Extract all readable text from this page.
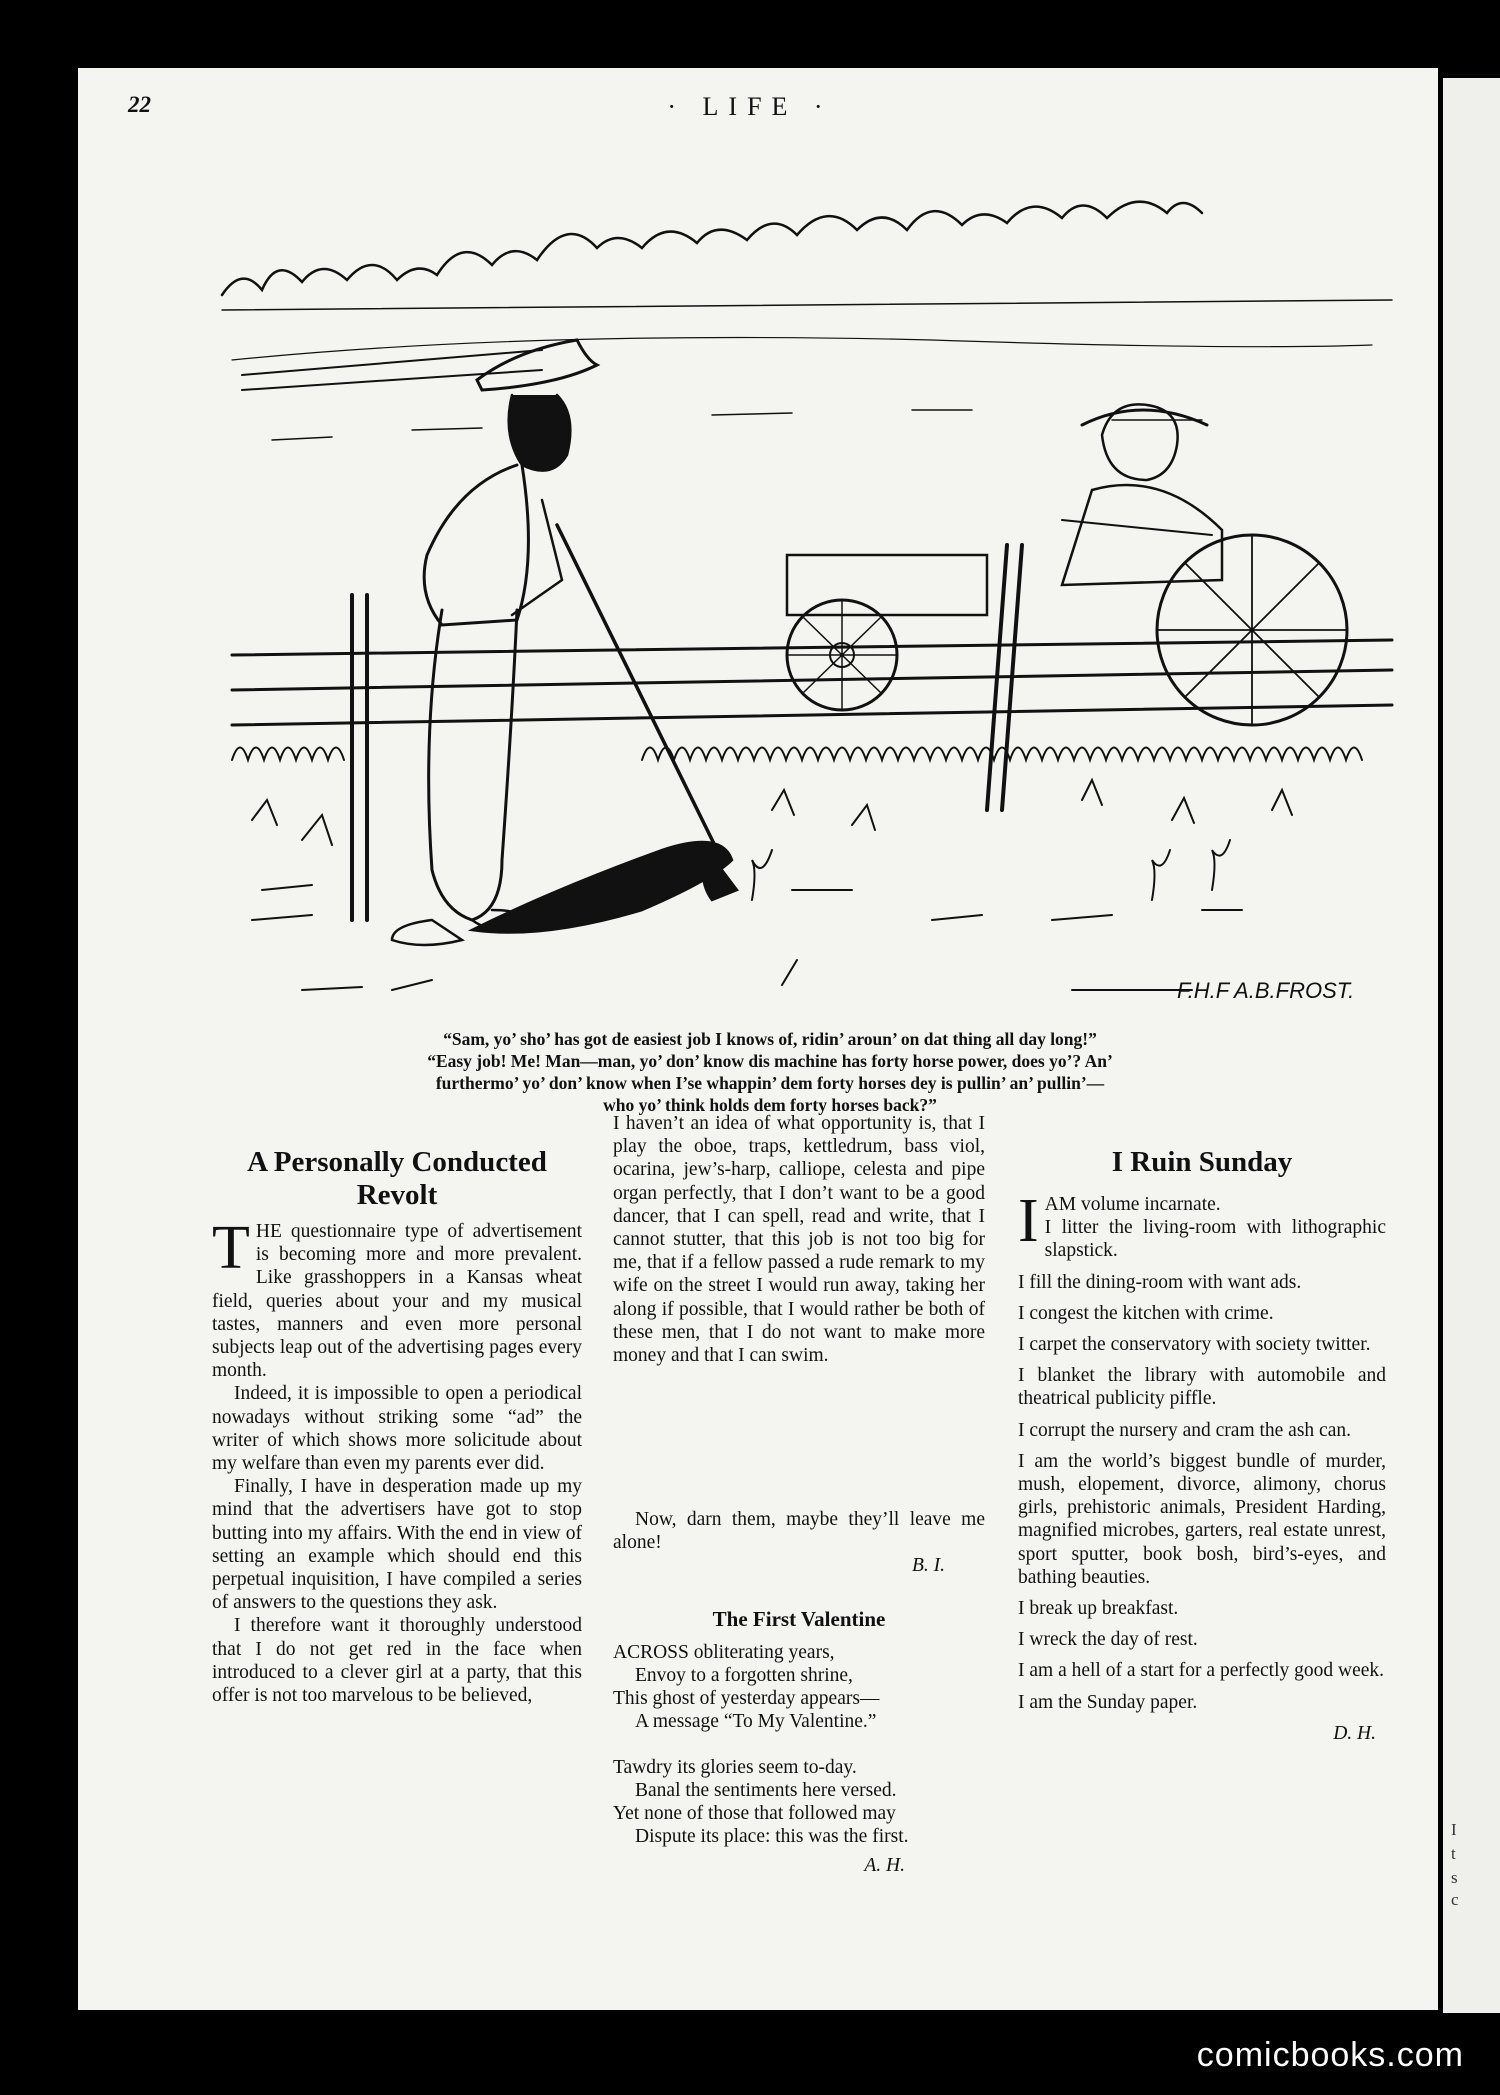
I
t
s
c
22	· LIFE ·
F.H.F A.B.FROST.
“Sam, yo’ sho’ has got de easiest job I knows of, ridin’ aroun’ on dat thing all day long!”
“Easy job! Me! Man—man, yo’ don’ know dis machine has forty horse power, does yo’? An’
furthermo’ yo’ don’ know when I’se whappin’ dem forty horses dey is pullin’ an’ pullin’—
who yo’ think holds dem forty horses back?”
A Personally Conducted Revolt

THE questionnaire type of advertisement is becoming more and more prevalent. Like grasshoppers in a Kansas wheat field, queries about your and my musical tastes, manners and even more personal subjects leap out of the advertising pages every month.

Indeed, it is impossible to open a periodical nowadays without striking some “ad” the writer of which shows more solicitude about my welfare than even my parents ever did.

Finally, I have in desperation made up my mind that the advertisers have got to stop butting into my affairs. With the end in view of setting an example which should end this perpetual inquisition, I have compiled a series of answers to the questions they ask.

I therefore want it thoroughly understood that I do not get red in the face when introduced to a clever girl at a party, that this offer is not too marvelous to be believed,

I haven’t an idea of what opportunity is, that I play the oboe, traps, kettledrum, bass viol, ocarina, jew’s-harp, calliope, celesta and pipe organ perfectly, that I don’t want to be a good dancer, that I can spell, read and write, that I cannot stutter, that this job is not too big for me, that if a fellow passed a rude remark to my wife on the street I would run away, taking her along if possible, that I would rather be both of these men, that I do not want to make more money and that I can swim.

Now, darn them, maybe they’ll leave me alone!

B. I.

The First Valentine
ACROSS obliterating years,
Envoy to a forgotten shrine,
This ghost of yesterday appears—
A message “To My Valentine.”
Tawdry its glories seem to-day.
Banal the sentiments here versed.
Yet none of those that followed may
Dispute its place: this was the first.

A. H.

I Ruin Sunday

IAM volume incarnate.
I litter the living-room with lithographic slapstick.

I fill the dining-room with want ads.

I congest the kitchen with crime.

I carpet the conservatory with society twitter.

I blanket the library with automobile and theatrical publicity piffle.

I corrupt the nursery and cram the ash can.

I am the world’s biggest bundle of murder, mush, elopement, divorce, alimony, chorus girls, prehistoric animals, President Harding, magnified microbes, garters, real estate unrest, sport sputter, book bosh, bird’s-eyes, and bathing beauties.

I break up breakfast.

I wreck the day of rest.

I am a hell of a start for a perfectly good week.

I am the Sunday paper.

D. H.

comicbooks.com
